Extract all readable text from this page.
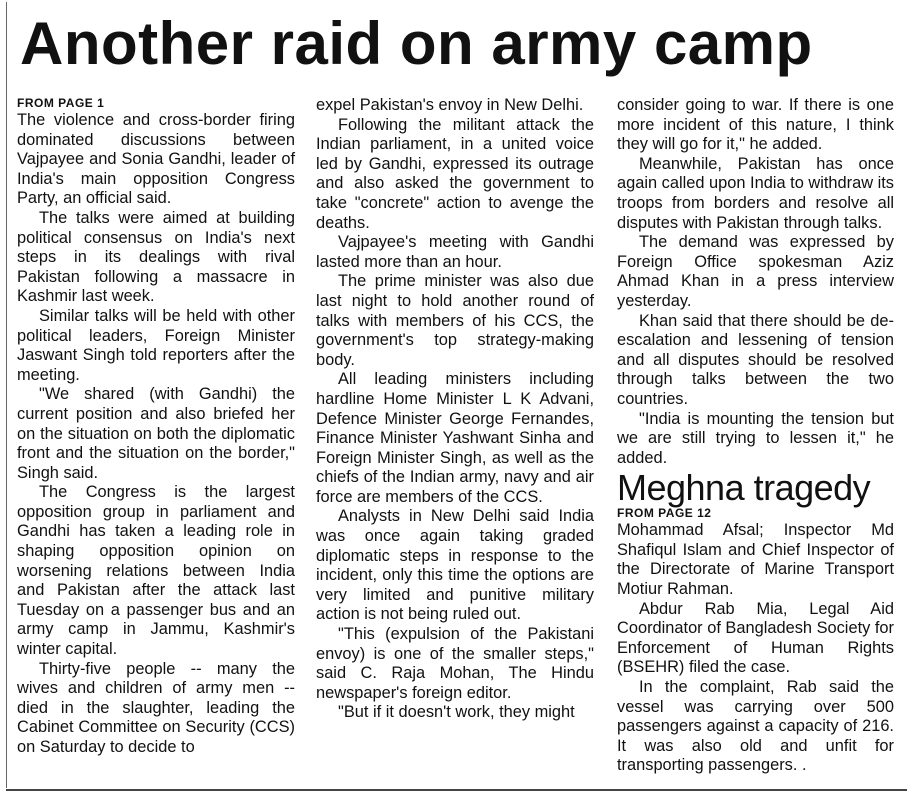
Another raid on army camp
FROM PAGE 1

The violence and cross-border firing dominated discussions between Vajpayee and Sonia Gandhi, leader of India's main opposition Congress Party, an official said.

The talks were aimed at building political consensus on India's next steps in its dealings with rival Pakistan following a massacre in Kashmir last week.

Similar talks will be held with other political leaders, Foreign Minister Jaswant Singh told reporters after the meeting.

"We shared (with Gandhi) the current position and also briefed her on the situation on both the diplomatic front and the situation on the border," Singh said.

The Congress is the largest opposition group in parliament and Gandhi has taken a leading role in shaping opposition opinion on worsening relations between India and Pakistan after the attack last Tuesday on a passenger bus and an army camp in Jammu, Kashmir's winter capital.

Thirty-five people -- many the wives and children of army men -- died in the slaughter, leading the Cabinet Committee on Security (CCS) on Saturday to decide to

expel Pakistan's envoy in New Delhi.

Following the militant attack the Indian parliament, in a united voice led by Gandhi, expressed its outrage and also asked the government to take "concrete" action to avenge the deaths.

Vajpayee's meeting with Gandhi lasted more than an hour.

The prime minister was also due last night to hold another round of talks with members of his CCS, the government's top strategy-making body.

All leading ministers including hardline Home Minister L K Advani, Defence Minister George Fernandes, Finance Minister Yashwant Sinha and Foreign Minister Singh, as well as the chiefs of the Indian army, navy and air force are members of the CCS.

Analysts in New Delhi said India was once again taking graded diplomatic steps in response to the incident, only this time the options are very limited and punitive military action is not being ruled out.

"This (expulsion of the Pakistani envoy) is one of the smaller steps," said C. Raja Mohan, The Hindu newspaper's foreign editor.

"But if it doesn't work, they might

consider going to war. If there is one more incident of this nature, I think they will go for it," he added.

Meanwhile, Pakistan has once again called upon India to withdraw its troops from borders and resolve all disputes with Pakistan through talks.

The demand was expressed by Foreign Office spokesman Aziz Ahmad Khan in a press interview yesterday.

Khan said that there should be de-escalation and lessening of tension and all disputes should be resolved through talks between the two countries.

"India is mounting the tension but we are still trying to lessen it," he added.

Meghna tragedy
FROM PAGE 12

Mohammad Afsal; Inspector Md Shafiqul Islam and Chief Inspector of the Directorate of Marine Transport Motiur Rahman.

Abdur Rab Mia, Legal Aid Coordinator of Bangladesh Society for Enforcement of Human Rights (BSEHR) filed the case.

In the complaint, Rab said the vessel was carrying over 500 passengers against a capacity of 216. It was also old and unfit for transporting passengers. .
